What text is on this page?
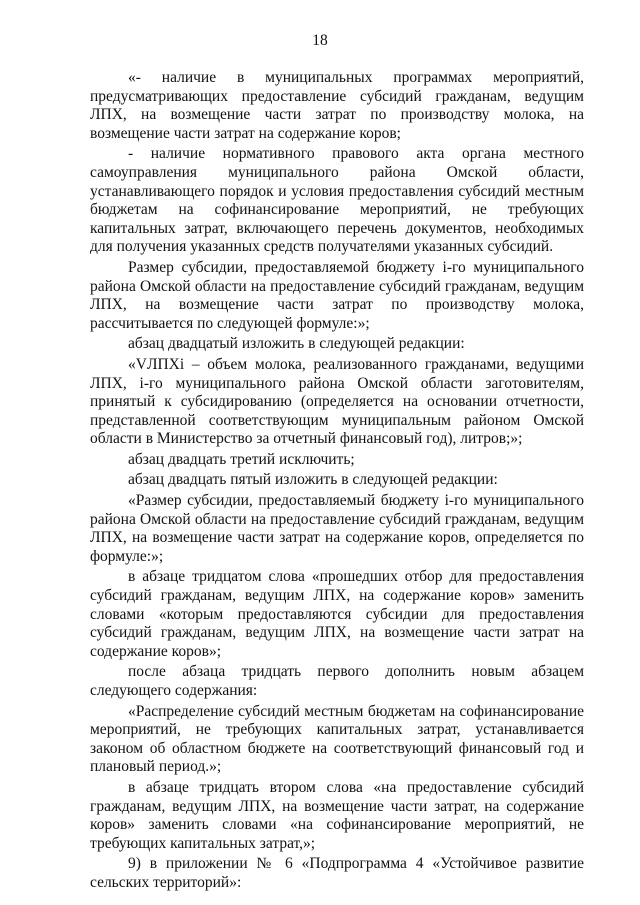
18

«- наличие в муниципальных программах мероприятий, предусматривающих предоставление субсидий гражданам, ведущим ЛПХ, на возмещение части затрат по производству молока, на возмещение части затрат на содержание коров;

- наличие нормативного правового акта органа местного самоуправления муниципального района Омской области, устанавливающего порядок и условия предоставления субсидий местным бюджетам на софинансирование мероприятий, не требующих капитальных затрат, включающего перечень документов, необходимых для получения указанных средств получателями указанных субсидий.

Размер субсидии, предоставляемой бюджету i-го муниципального района Омской области на предоставление субсидий гражданам, ведущим ЛПХ, на возмещение части затрат по производству молока, рассчитывается по следующей формуле:»;

абзац двадцатый изложить в следующей редакции:

«VЛПХi – объем молока, реализованного гражданами, ведущими ЛПХ, i-го муниципального района Омской области заготовителям, принятый к субсидированию (определяется на основании отчетности, представленной соответствующим муниципальным районом Омской области в Министерство за отчетный финансовый год), литров;»;

абзац двадцать третий исключить;

абзац двадцать пятый изложить в следующей редакции:

«Размер субсидии, предоставляемый бюджету i-го муниципального района Омской области на предоставление субсидий гражданам, ведущим ЛПХ, на возмещение части затрат на содержание коров, определяется по формуле:»;

в абзаце тридцатом слова «прошедших отбор для предоставления субсидий гражданам, ведущим ЛПХ, на содержание коров» заменить словами «которым предоставляются субсидии для предоставления субсидий гражданам, ведущим ЛПХ, на возмещение части затрат на содержание коров»;

после абзаца тридцать первого дополнить новым абзацем следующего содержания:

«Распределение субсидий местным бюджетам на софинансирование мероприятий, не требующих капитальных затрат, устанавливается законом об областном бюджете на соответствующий финансовый год и плановый период.»;

в абзаце тридцать втором слова «на предоставление субсидий гражданам, ведущим ЛПХ, на возмещение части затрат, на содержание коров» заменить словами «на софинансирование мероприятий, не требующих капитальных затрат,»;

9) в приложении № 6 «Подпрограмма 4 «Устойчивое развитие сельских территорий»:
